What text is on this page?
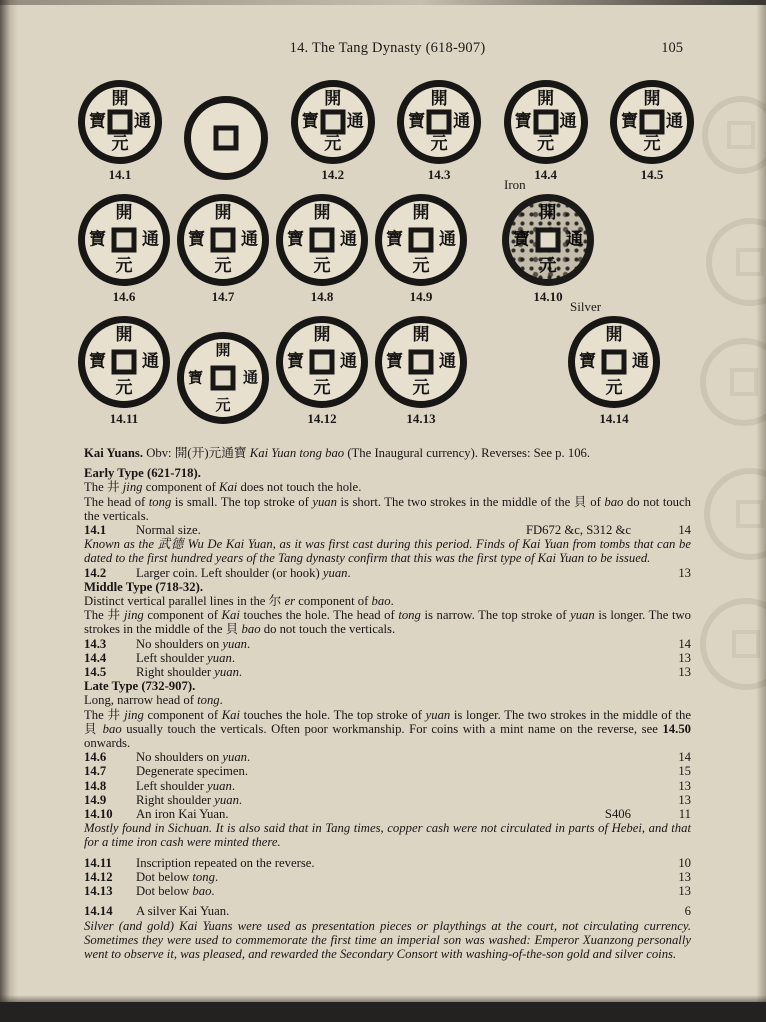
14. The Tang Dynasty (618-907)	105
開
元
通
寶
14.1
開
元
通
寶
14.2
開
元
通
寶
14.3
開
元
通
寶
14.4
開
元
通
寶
14.5
開
元
通
寶
14.6
開
元
通
寶
14.7
開
元
通
寶
14.8
開
元
通
寶
14.9
Iron
開
元
通
寶
14.10
開
元
通
寶
14.11
開
元
通
寶
開
元
通
寶
14.12
開
元
通
寶
14.13
Silver
開
元
通
寶
14.14

Kai Yuans. Obv: 開(开)元通寶 Kai Yuan tong bao (The Inaugural currency). Reverses: See p. 106.

Early Type (621-718).

The 井 jing component of Kai does not touch the hole.

The head of tong is small. The top stroke of yuan is short. The two strokes in the middle of the 貝 of bao do not touch the verticals.

14.1	Normal size.	FD672 &c, S312 &c	14

Known as the 武德 Wu De Kai Yuan, as it was first cast during this period. Finds of Kai Yuan from tombs that can be dated to the first hundred years of the Tang dynasty confirm that this was the first type of Kai Yuan to be issued.

14.2	Larger coin. Left shoulder (or hook) yuan.	13

Middle Type (718-32).

Distinct vertical parallel lines in the 尔 er component of bao.

The 井 jing component of Kai touches the hole. The head of tong is narrow. The top stroke of yuan is longer. The two strokes in the middle of the 貝 bao do not touch the verticals.

14.3	No shoulders on yuan.	14
14.4	Left shoulder yuan.	13
14.5	Right shoulder yuan.	13

Late Type (732-907).

Long, narrow head of tong.

The 井 jing component of Kai touches the hole. The top stroke of yuan is longer. The two strokes in the middle of the 貝 bao usually touch the verticals. Often poor workmanship. For coins with a mint name on the reverse, see 14.50 onwards.

14.6	No shoulders on yuan.	14
14.7	Degenerate specimen.	15
14.8	Left shoulder yuan.	13
14.9	Right shoulder yuan.	13
14.10	An iron Kai Yuan.	S406	11

Mostly found in Sichuan. It is also said that in Tang times, copper cash were not circulated in parts of Hebei, and that for a time iron cash were minted there.

14.11	Inscription repeated on the reverse.	10
14.12	Dot below tong.	13
14.13	Dot below bao.	13
14.14	A silver Kai Yuan.	6

Silver (and gold) Kai Yuans were used as presentation pieces or playthings at the court, not circulating currency. Sometimes they were used to commemorate the first time an imperial son was washed: Emperor Xuanzong personally went to observe it, was pleased, and rewarded the Secondary Consort with washing-of-the-son gold and silver coins.
